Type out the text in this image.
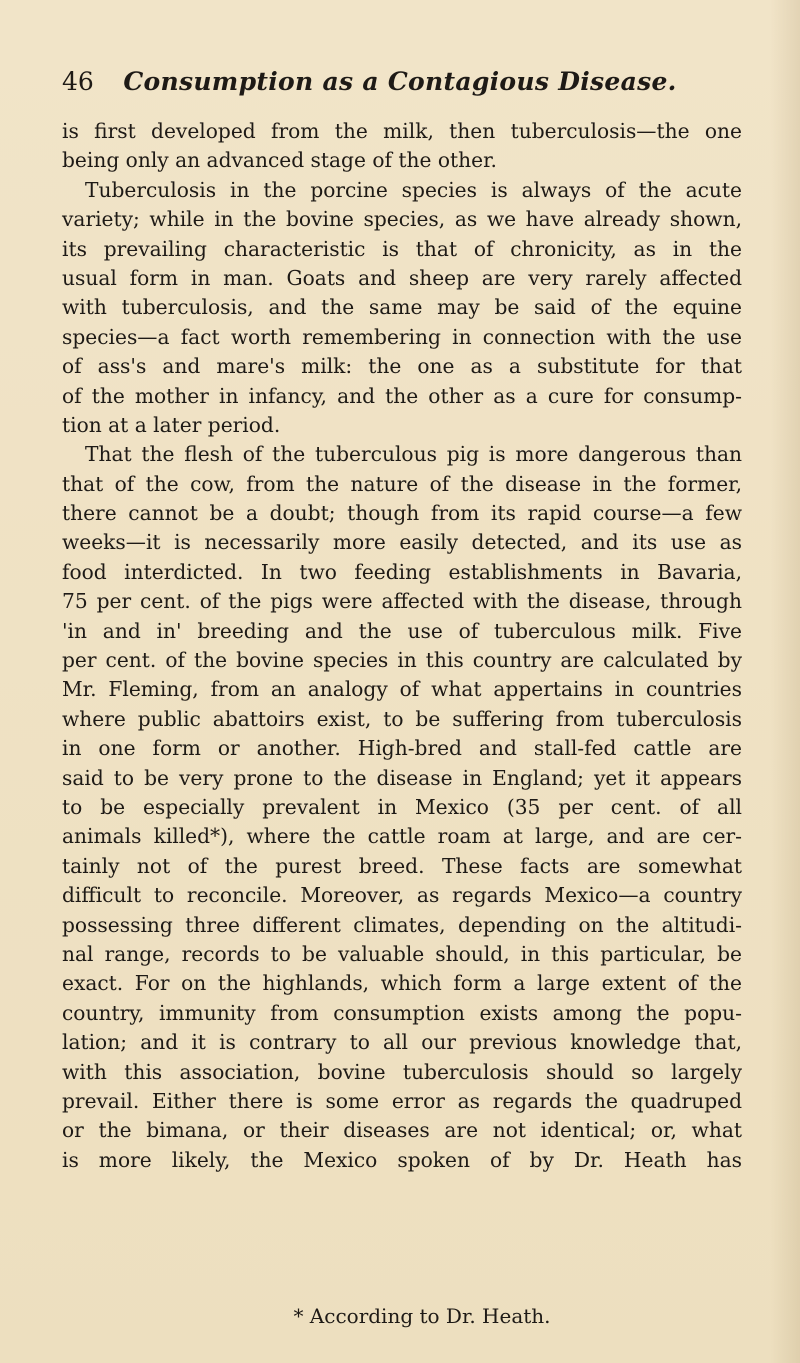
46	Consumption as a Contagious Disease.
is first developed from the milk, then tuberculosis—the one
being only an advanced stage of the other.
Tuberculosis in the porcine species is always of the acute
variety; while in the bovine species, as we have already shown,
its prevailing characteristic is that of chronicity, as in the
usual form in man. Goats and sheep are very rarely affected
with tuberculosis, and the same may be said of the equine
species—a fact worth remembering in connection with the use
of ass's and mare's milk: the one as a substitute for that
of the mother in infancy, and the other as a cure for consump-
tion at a later period.
That the flesh of the tuberculous pig is more dangerous than
that of the cow, from the nature of the disease in the former,
there cannot be a doubt; though from its rapid course—a few
weeks—it is necessarily more easily detected, and its use as
food interdicted. In two feeding establishments in Bavaria,
75 per cent. of the pigs were affected with the disease, through
'in and in' breeding and the use of tuberculous milk. Five
per cent. of the bovine species in this country are calculated by
Mr. Fleming, from an analogy of what appertains in countries
where public abattoirs exist, to be suffering from tuberculosis
in one form or another. High-bred and stall-fed cattle are
said to be very prone to the disease in England; yet it appears
to be especially prevalent in Mexico (35 per cent. of all
animals killed*), where the cattle roam at large, and are cer-
tainly not of the purest breed. These facts are somewhat
difficult to reconcile. Moreover, as regards Mexico—a country
possessing three different climates, depending on the altitudi-
nal range, records to be valuable should, in this particular, be
exact. For on the highlands, which form a large extent of the
country, immunity from consumption exists among the popu-
lation; and it is contrary to all our previous knowledge that,
with this association, bovine tuberculosis should so largely
prevail. Either there is some error as regards the quadruped
or the bimana, or their diseases are not identical; or, what
is more likely, the Mexico spoken of by Dr. Heath has
* According to Dr. Heath.
